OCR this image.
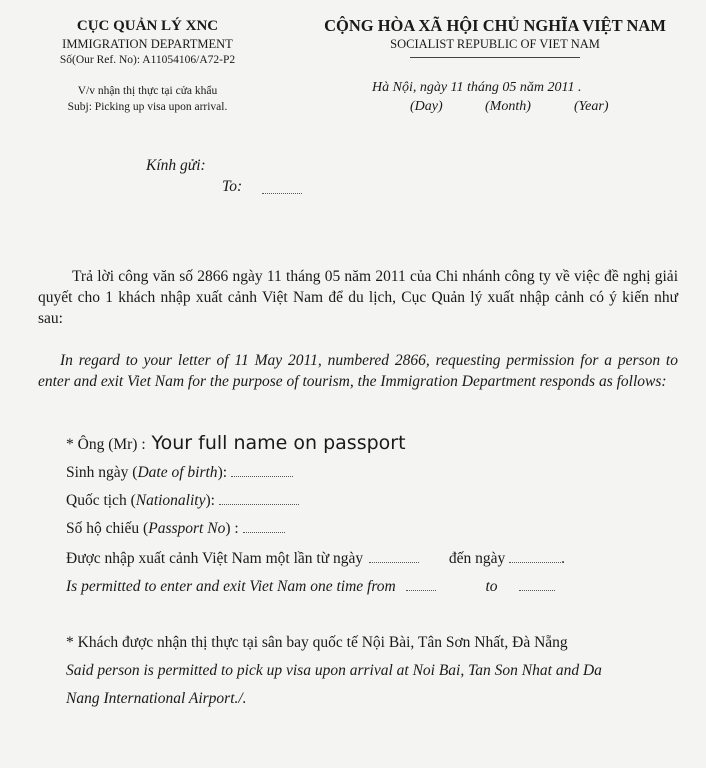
CỤC QUẢN LÝ XNC
IMMIGRATION DEPARTMENT
Số(Our Ref. No): A11054106/A72-P2
V/v nhận thị thực tại cửa khẩu
Subj: Picking up visa upon arrival.
CỘNG HÒA XÃ HỘI CHỦ NGHĨA VIỆT NAM
SOCIALIST REPUBLIC OF VIET NAM
Hà Nội, ngày 11 tháng 05 năm 2011 .
(Day)	(Month)	(Year)
Kính gửi:
To:
Trả lời công văn số 2866 ngày 11 tháng 05 năm 2011 của Chi nhánh công ty về việc đề nghị giải quyết cho 1 khách nhập xuất cảnh Việt Nam để du lịch, Cục Quản lý xuất nhập cảnh có ý kiến như sau:
In regard to your letter of 11 May 2011, numbered 2866, requesting permission for a person to enter and exit Viet Nam for the purpose of tourism, the Immigration Department responds as follows:
* Ông (Mr) : Your full name on passport
Sinh ngày (Date of birth):
Quốc tịch (Nationality):
Số hộ chiếu (Passport No) :
Được nhập xuất cảnh Việt Nam một lần từ ngày	đến ngày	.
Is permitted to enter and exit Viet Nam one time from	to
* Khách được nhận thị thực tại sân bay quốc tế Nội Bài, Tân Sơn Nhất, Đà Nẵng
Said person is permitted to pick up visa upon arrival at Noi Bai, Tan Son Nhat and Da
Nang International Airport./.
